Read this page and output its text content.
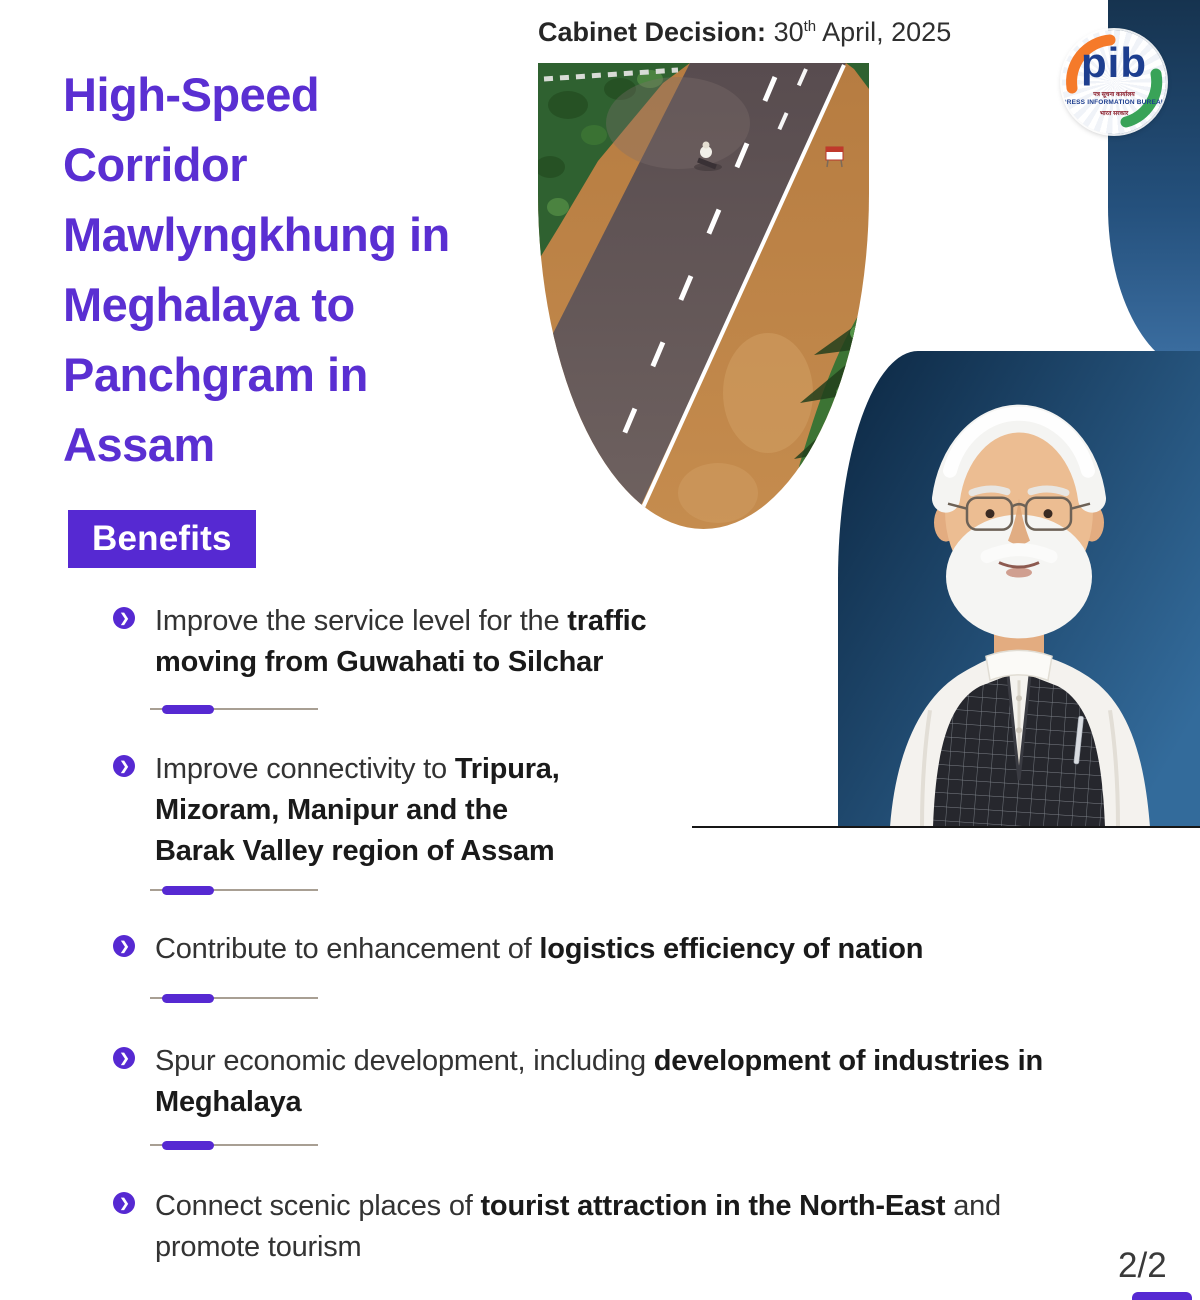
pib
पत्र सूचना कार्यालय
PRESS INFORMATION BUREAU
भारत सरकार
Cabinet Decision: 30th April, 2025
High-Speed
Corridor
Mawlyngkhung in
Meghalaya to
Panchgram in
Assam
Benefits
❯ Improve the service level for the traffic moving from Guwahati to Silchar

❯ Improve connectivity to Tripura, Mizoram, Manipur and the Barak Valley region of Assam

❯ Contribute to enhancement of logistics efficiency of nation

❯ Spur economic development, including development of industries in Meghalaya

❯ Connect scenic places of tourist attraction in the North-East and promote tourism	2/2
